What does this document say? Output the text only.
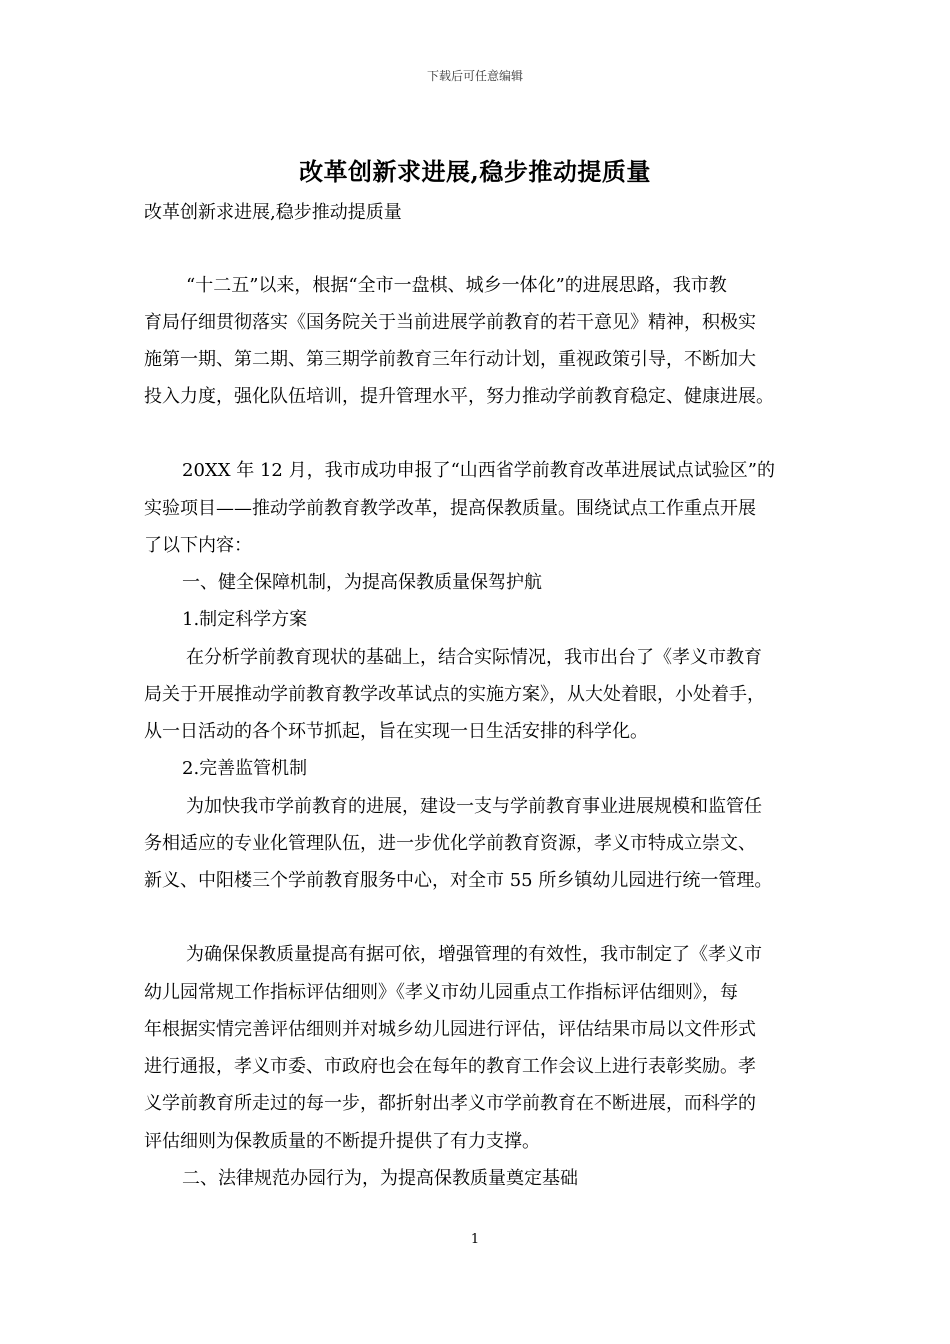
下载后可任意编辑
改革创新求进展,稳步推动提质量
改革创新求进展,稳步推动提质量
“十二五”以来，根据“全市一盘棋、城乡一体化”的进展思路，我市教
育局仔细贯彻落实《国务院关于当前进展学前教育的若干意见》精神，积极实
施第一期、第二期、第三期学前教育三年行动计划，重视政策引导，不断加大
投入力度，强化队伍培训，提升管理水平，努力推动学前教育稳定、健康进展。
20XX 年 12 月，我市成功申报了“山西省学前教育改革进展试点试验区”的
实验项目——推动学前教育教学改革，提高保教质量。围绕试点工作重点开展
了以下内容：
一、健全保障机制，为提高保教质量保驾护航
1.制定科学方案
在分析学前教育现状的基础上，结合实际情况，我市出台了《孝义市教育
局关于开展推动学前教育教学改革试点的实施方案》，从大处着眼，小处着手，
从一日活动的各个环节抓起，旨在实现一日生活安排的科学化。
2.完善监管机制
为加快我市学前教育的进展，建设一支与学前教育事业进展规模和监管任
务相适应的专业化管理队伍，进一步优化学前教育资源，孝义市特成立崇文、
新义、中阳楼三个学前教育服务中心，对全市 55 所乡镇幼儿园进行统一管理。
为确保保教质量提高有据可依，增强管理的有效性，我市制定了《孝义市
幼儿园常规工作指标评估细则》《孝义市幼儿园重点工作指标评估细则》，每
年根据实情完善评估细则并对城乡幼儿园进行评估，评估结果市局以文件形式
进行通报，孝义市委、市政府也会在每年的教育工作会议上进行表彰奖励。孝
义学前教育所走过的每一步，都折射出孝义市学前教育在不断进展，而科学的
评估细则为保教质量的不断提升提供了有力支撑。
二、法律规范办园行为，为提高保教质量奠定基础
1
